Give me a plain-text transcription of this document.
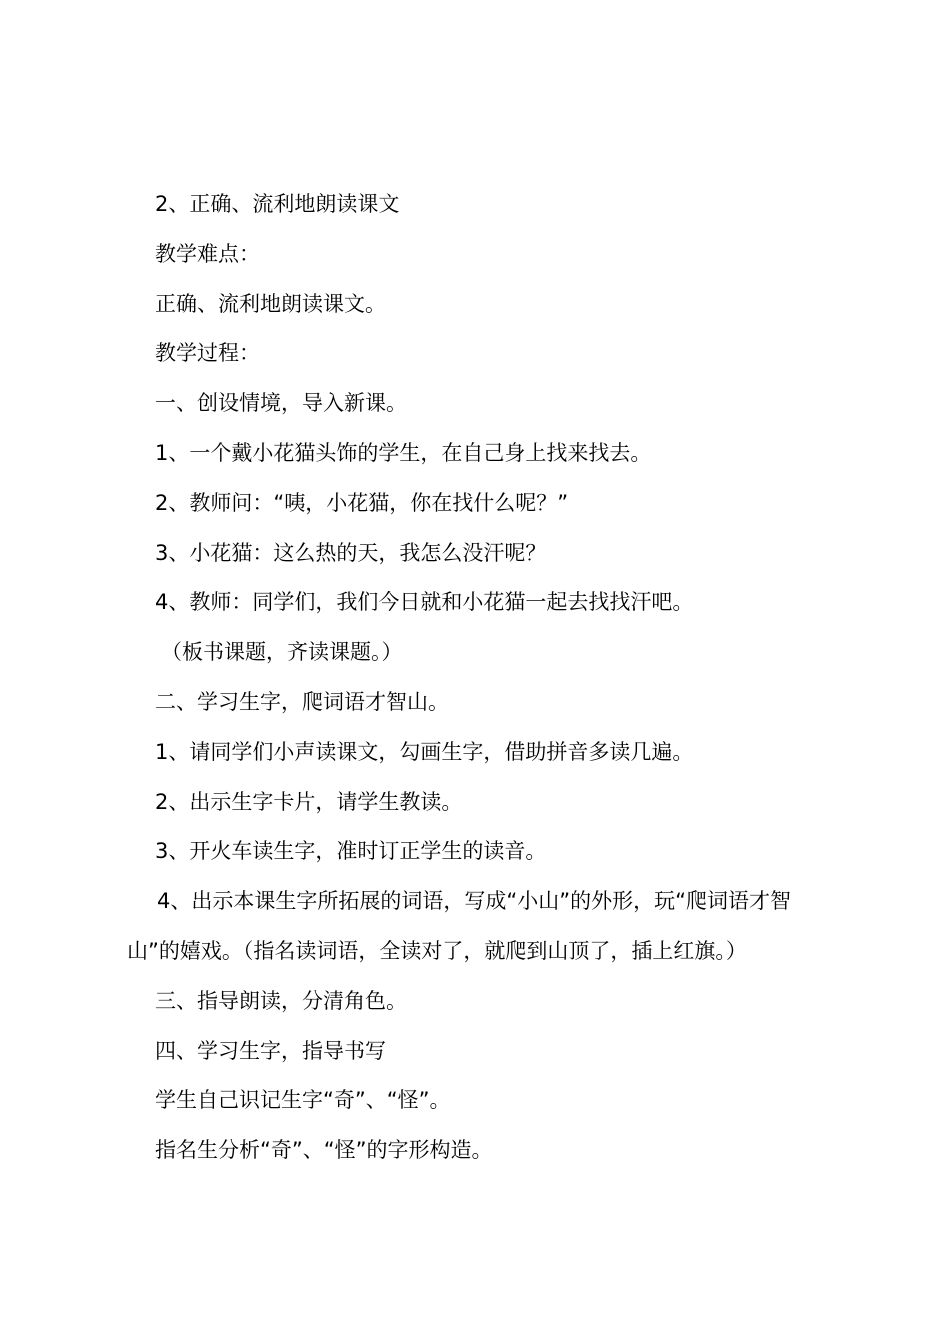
2、正确、流利地朗读课文
教学难点：
正确、流利地朗读课文。
教学过程：
一、创设情境，导入新课。
1、一个戴小花猫头饰的学生，在自己身上找来找去。
2、教师问：“咦，小花猫，你在找什么呢？”
3、小花猫：这么热的天，我怎么没汗呢？
4、教师：同学们，我们今日就和小花猫一起去找找汗吧。
（板书课题，齐读课题。）
二、学习生字，爬词语才智山。
1、请同学们小声读课文，勾画生字，借助拼音多读几遍。
2、出示生字卡片，请学生教读。
3、开火车读生字，准时订正学生的读音。
4、出示本课生字所拓展的词语，写成“小山”的外形，玩“爬词语才智山”的嬉戏。（指名读词语，全读对了，就爬到山顶了，插上红旗。）
三、指导朗读，分清角色。
四、学习生字，指导书写
学生自己识记生字“奇”、“怪”。
指名生分析“奇”、“怪”的字形构造。
